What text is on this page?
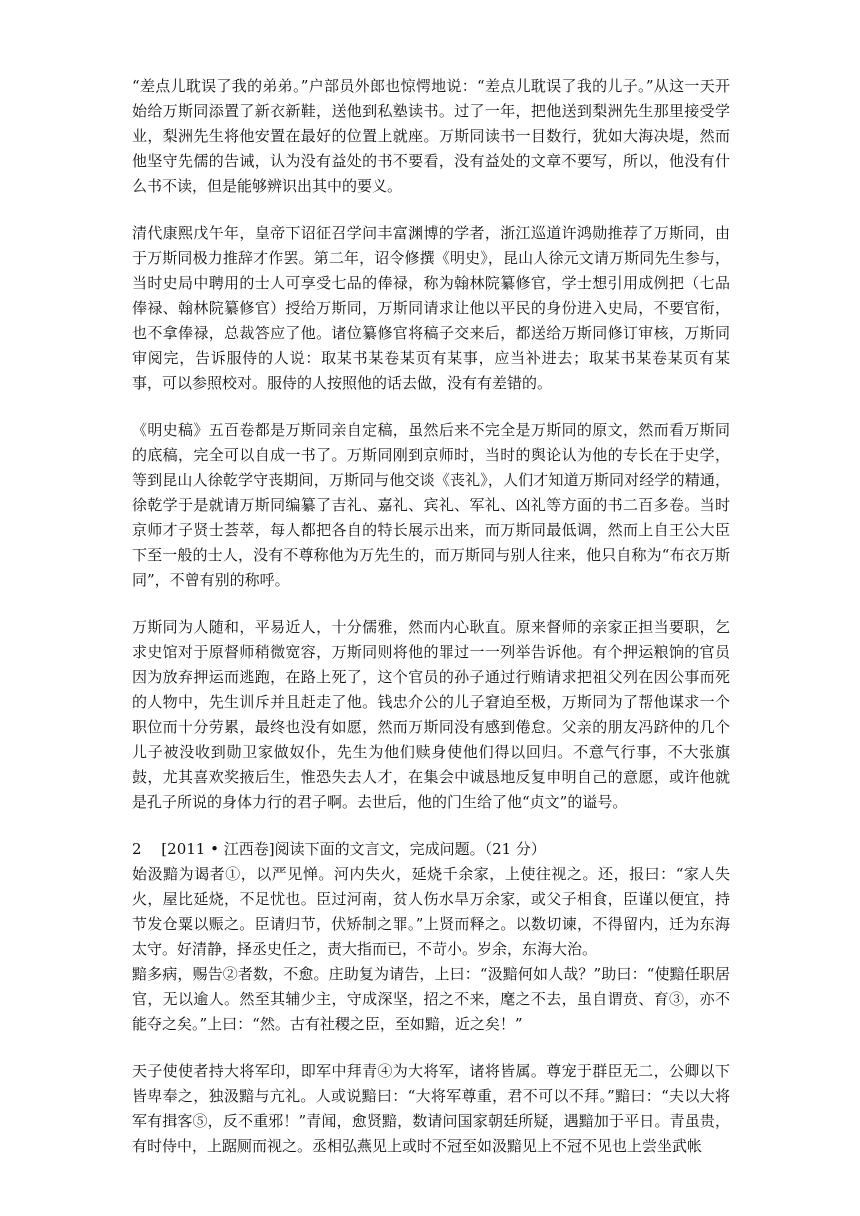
“差点儿耽误了我的弟弟。”户部员外郎也惊愕地说：“差点儿耽误了我的儿子。”从这一天开始给万斯同添置了新衣新鞋，送他到私塾读书。过了一年，把他送到梨洲先生那里接受学业，梨洲先生将他安置在最好的位置上就座。万斯同读书一目数行，犹如大海决堤，然而他坚守先儒的告诫，认为没有益处的书不要看，没有益处的文章不要写，所以，他没有什么书不读，但是能够辨识出其中的要义。

清代康熙戊午年，皇帝下诏征召学问丰富渊博的学者，浙江巡道许鸿勋推荐了万斯同，由于万斯同极力推辞才作罢。第二年，诏令修撰《明史》，昆山人徐元文请万斯同先生参与，当时史局中聘用的士人可享受七品的俸禄，称为翰林院纂修官，学士想引用成例把（七品俸禄、翰林院纂修官）授给万斯同，万斯同请求让他以平民的身份进入史局，不要官衔，也不拿俸禄，总裁答应了他。诸位纂修官将稿子交来后，都送给万斯同修订审核，万斯同审阅完，告诉服侍的人说：取某书某卷某页有某事，应当补进去；取某书某卷某页有某事，可以参照校对。服侍的人按照他的话去做，没有有差错的。

《明史稿》五百卷都是万斯同亲自定稿，虽然后来不完全是万斯同的原文，然而看万斯同的底稿，完全可以自成一书了。万斯同刚到京师时，当时的舆论认为他的专长在于史学，等到昆山人徐乾学守丧期间，万斯同与他交谈《丧礼》，人们才知道万斯同对经学的精通，徐乾学于是就请万斯同编纂了吉礼、嘉礼、宾礼、军礼、凶礼等方面的书二百多卷。当时京师才子贤士荟萃，每人都把各自的特长展示出来，而万斯同最低调，然而上自王公大臣下至一般的士人，没有不尊称他为万先生的，而万斯同与别人往来，他只自称为“布衣万斯同”，不曾有别的称呼。

万斯同为人随和，平易近人，十分儒雅，然而内心耿直。原来督师的亲家正担当要职，乞求史馆对于原督师稍微宽容，万斯同则将他的罪过一一列举告诉他。有个押运粮饷的官员因为放弃押运而逃跑，在路上死了，这个官员的孙子通过行贿请求把祖父列在因公事而死的人物中，先生训斥并且赶走了他。钱忠介公的儿子窘迫至极，万斯同为了帮他谋求一个职位而十分劳累，最终也没有如愿，然而万斯同没有感到倦怠。父亲的朋友冯跻仲的几个儿子被没收到勋卫家做奴仆，先生为他们赎身使他们得以回归。不意气行事，不大张旗鼓，尤其喜欢奖掖后生，惟恐失去人才，在集会中诚恳地反复申明自己的意愿，或许他就是孔子所说的身体力行的君子啊。去世后，他的门生给了他“贞文”的谥号。

2　 [2011 • 江西卷]阅读下面的文言文，完成问题。（21 分）

始汲黯为谒者①，以严见惮。河内失火，延烧千余家，上使往视之。还，报曰：“家人失火，屋比延烧，不足忧也。臣过河南，贫人伤水旱万余家，或父子相食，臣谨以便宜，持节发仓粟以赈之。臣请归节，伏矫制之罪。”上贤而释之。以数切谏，不得留内，迁为东海太守。好清静，择丞史任之，责大指而已，不苛小。岁余，东海大治。

黯多病，赐告②者数，不愈。庄助复为请告，上曰：“汲黯何如人哉？”助曰：“使黯任职居官，无以逾人。然至其辅少主，守成深坚，招之不来，麾之不去，虽自谓贲、育③，亦不能夺之矣。”上曰：“然。古有社稷之臣，至如黯，近之矣！”

天子使使者持大将军印，即军中拜青④为大将军，诸将皆属。尊宠于群臣无二，公卿以下皆卑奉之，独汲黯与亢礼。人或说黯曰：“大将军尊重，君不可以不拜。”黯曰：“夫以大将军有揖客⑤，反不重邪！”青闻，愈贤黯，数请问国家朝廷所疑，遇黯加于平日。青虽贵，有时侍中，上踞厕而视之。丞相弘燕见上或时不冠至如汲黯见上不冠不见也上尝坐武帐
